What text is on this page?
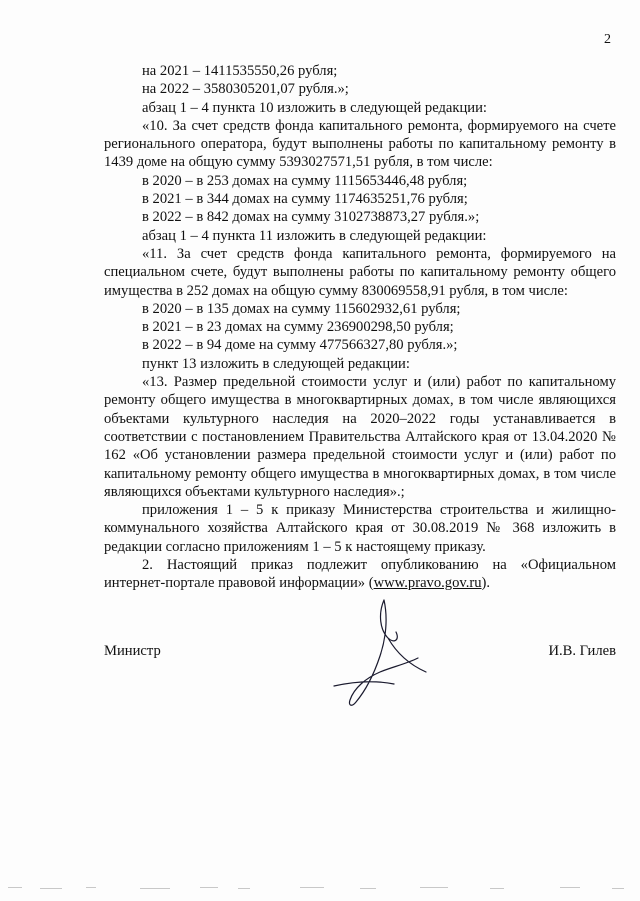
2

на 2021 – 1411535550,26 рубля;

на 2022 – 3580305201,07 рубля.»;

абзац 1 – 4 пункта 10 изложить в следующей редакции:

«10. За счет средств фонда капитального ремонта, формируемого на счете регионального оператора, будут выполнены работы по капитальному ремонту в 1439 доме на общую сумму 5393027571,51 рубля, в том числе:

в 2020 – в 253 домах на сумму 1115653446,48 рубля;

в 2021 – в 344 домах на сумму 1174635251,76 рубля;

в 2022 – в 842 домах на сумму 3102738873,27 рубля.»;

абзац 1 – 4 пункта 11 изложить в следующей редакции:

«11. За счет средств фонда капитального ремонта, формируемого на специальном счете, будут выполнены работы по капитальному ремонту общего имущества в 252 домах на общую сумму 830069558,91 рубля, в том числе:

в 2020 – в 135 домах на сумму 115602932,61 рубля;

в 2021 – в 23 домах на сумму 236900298,50 рубля;

в 2022 – в 94 доме на сумму 477566327,80 рубля.»;

пункт 13 изложить в следующей редакции:

«13. Размер предельной стоимости услуг и (или) работ по капитальному ремонту общего имущества в многоквартирных домах, в том числе являющихся объектами культурного наследия на 2020–2022 годы устанавливается в соответствии с постановлением Правительства Алтайского края от 13.04.2020 № 162 «Об установлении размера предельной стоимости услуг и (или) работ по капитальному ремонту общего имущества в многоквартирных домах, в том числе являющихся объектами культурного наследия».;

приложения 1 – 5 к приказу Министерства строительства и жилищно-коммунального хозяйства Алтайского края от 30.08.2019 № 368 изложить в редакции согласно приложениям 1 – 5 к настоящему приказу.

2. Настоящий приказ подлежит опубликованию на «Официальном интернет-портале правовой информации» (www.pravo.gov.ru).

Министр	И.В. Гилев
